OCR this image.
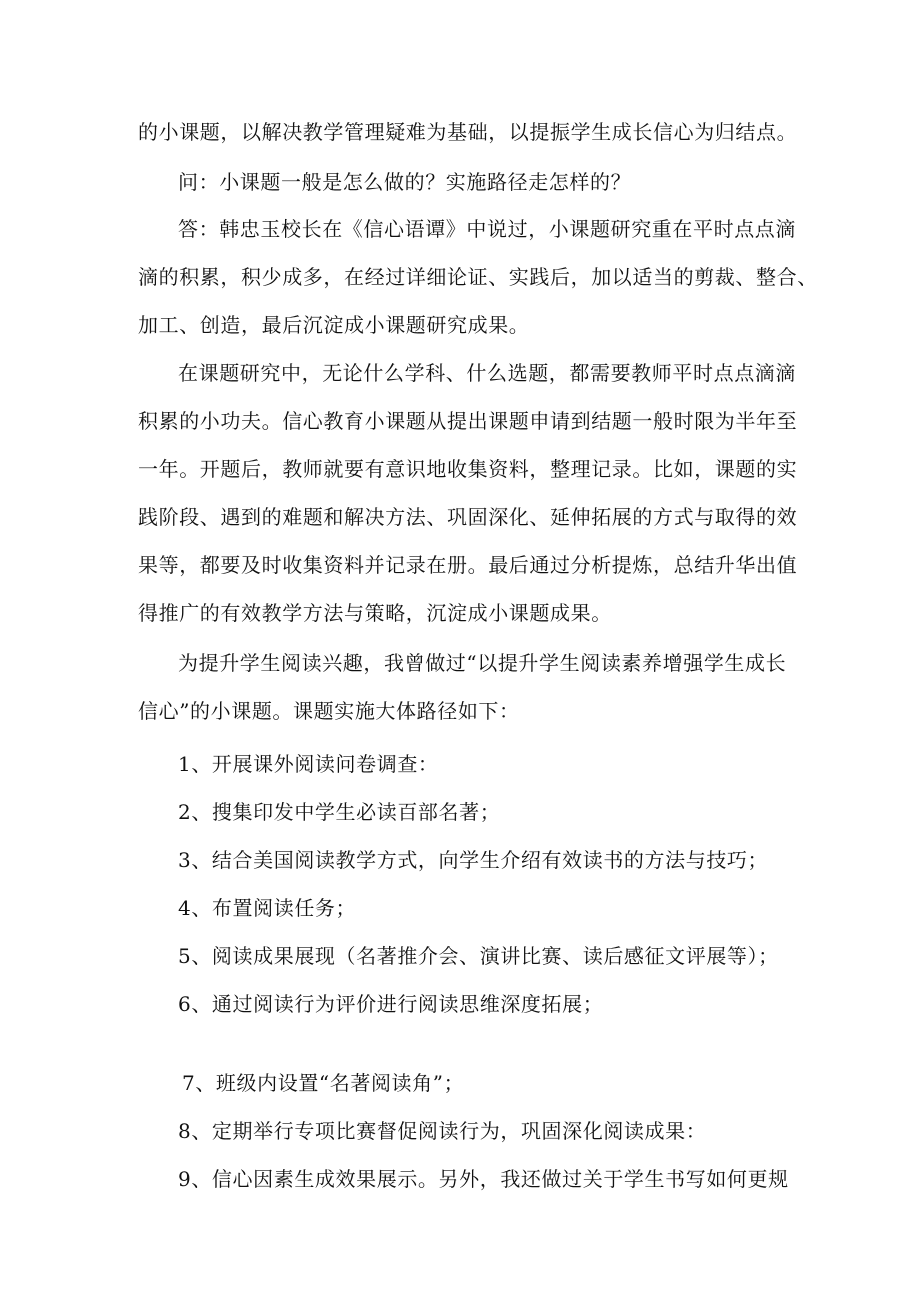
的小课题，以解决教学管理疑难为基础，以提振学生成长信心为归结点。

问：小课题一般是怎么做的？实施路径走怎样的？

答：韩忠玉校长在《信心语谭》中说过，小课题研究重在平时点点滴

滴的积累，积少成多，在经过详细论证、实践后，加以适当的剪裁、整合、

加工、创造，最后沉淀成小课题研究成果。

在课题研究中，无论什么学科、什么选题，都需要教师平时点点滴滴

积累的小功夫。信心教育小课题从提出课题申请到结题一般时限为半年至

一年。开题后，教师就要有意识地收集资料，整理记录。比如，课题的实

践阶段、遇到的难题和解决方法、巩固深化、延伸拓展的方式与取得的效

果等，都要及时收集资料并记录在册。最后通过分析提炼，总结升华出值

得推广的有效教学方法与策略，沉淀成小课题成果。

为提升学生阅读兴趣，我曾做过“以提升学生阅读素养增强学生成长

信心”的小课题。课题实施大体路径如下：

1、开展课外阅读问卷调查：

2、搜集印发中学生必读百部名著；

3、结合美国阅读教学方式，向学生介绍有效读书的方法与技巧；

4、布置阅读任务；

5、阅读成果展现（名著推介会、演讲比赛、读后感征文评展等）；

6、通过阅读行为评价进行阅读思维深度拓展；

7、班级内设置“名著阅读角”；

8、定期举行专项比赛督促阅读行为，巩固深化阅读成果：

9、信心因素生成效果展示。另外，我还做过关于学生书写如何更规
